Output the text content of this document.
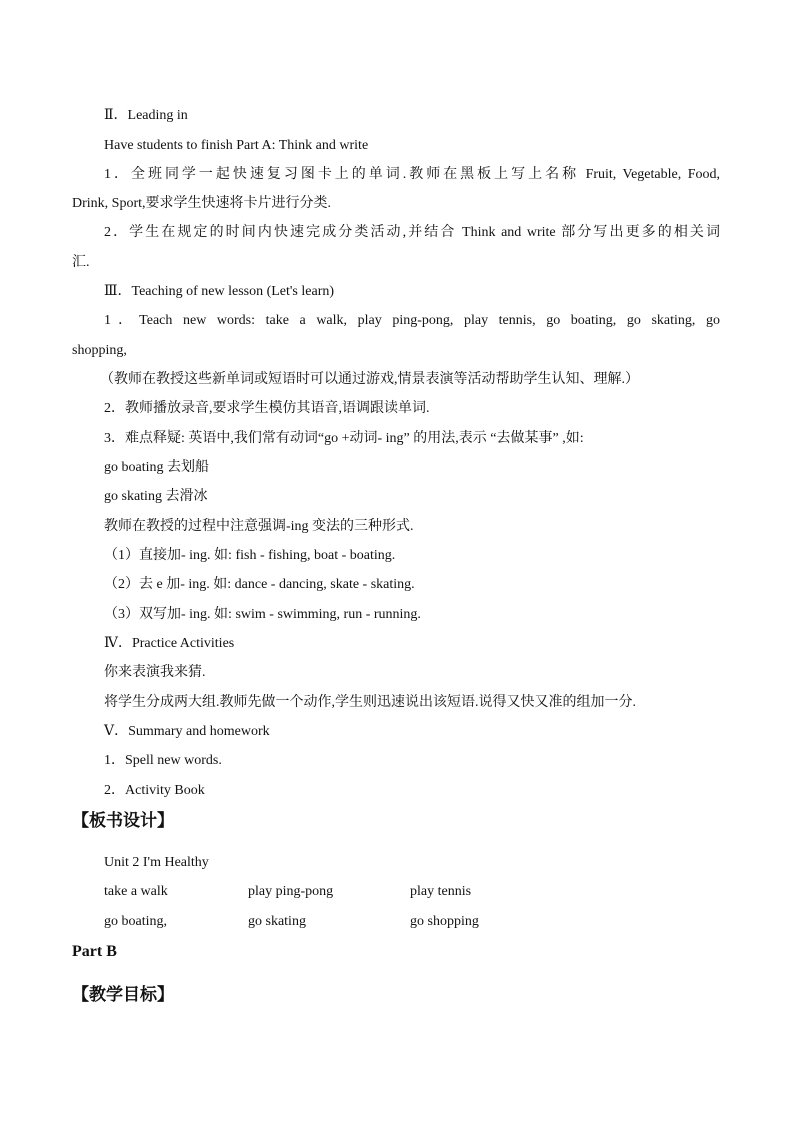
Ⅱ．Leading in
Have students to finish Part A: Think and write
1．全班同学一起快速复习图卡上的单词.教师在黑板上写上名称 Fruit, Vegetable, Food,
Drink, Sport,要求学生快速将卡片进行分类.
2．学生在规定的时间内快速完成分类活动,并结合 Think and write 部分写出更多的相关词
汇.
Ⅲ．Teaching of new lesson (Let's learn)
1．Teach new words: take a walk, play ping-pong, play tennis, go boating, go skating, go
shopping,
（教师在教授这些新单词或短语时可以通过游戏,情景表演等活动帮助学生认知、理解.）
2．教师播放录音,要求学生模仿其语音,语调跟读单词.
3．难点释疑: 英语中,我们常有动词“go +动词- ing” 的用法,表示 “去做某事” ,如:
go boating 去划船
go skating 去滑冰
教师在教授的过程中注意强调-ing 变法的三种形式.
（1）直接加- ing. 如: fish - fishing, boat - boating.
（2）去 e 加- ing. 如: dance - dancing, skate - skating.
（3）双写加- ing. 如: swim - swimming, run - running.
Ⅳ．Practice Activities
你来表演我来猜.
将学生分成两大组.教师先做一个动作,学生则迅速说出该短语.说得又快又准的组加一分.
Ⅴ．Summary and homework
1．Spell new words.
2．Activity Book
【板书设计】
Unit 2 I'm Healthy
take a walk	play ping-pong	play tennis
go boating,	go skating	go shopping
Part B
【教学目标】
